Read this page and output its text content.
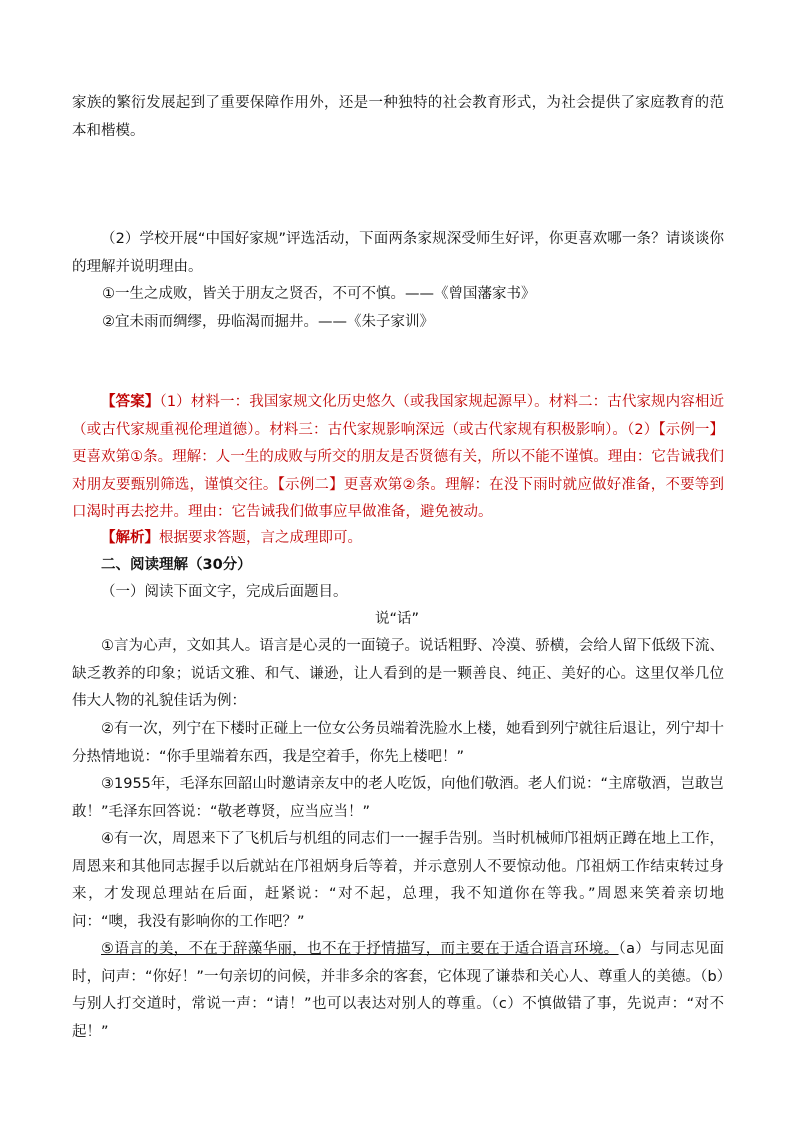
家族的繁衍发展起到了重要保障作用外，还是一种独特的社会教育形式，为社会提供了家庭教育的范本和楷模。

（2）学校开展“中国好家规”评选活动，下面两条家规深受师生好评，你更喜欢哪一条？请谈谈你的理解并说明理由。

①一生之成败，皆关于朋友之贤否，不可不慎。——《曾国藩家书》
②宜未雨而绸缪，毋临渴而掘井。——《朱子家训》

【答案】（1）材料一：我国家规文化历史悠久（或我国家规起源早）。材料二：古代家规内容相近（或古代家规重视伦理道德）。材料三：古代家规影响深远（或古代家规有积极影响）。（2）【示例一】更喜欢第①条。理解：人一生的成败与所交的朋友是否贤德有关，所以不能不谨慎。理由：它告诫我们对朋友要甄别筛选，谨慎交往。【示例二】更喜欢第②条。理解：在没下雨时就应做好准备，不要等到口渴时再去挖井。理由：它告诫我们做事应早做准备，避免被动。

【解析】根据要求答题，言之成理即可。

二、阅读理解（30分）
（一）阅读下面文字，完成后面题目。
说“话”

①言为心声，文如其人。语言是心灵的一面镜子。说话粗野、冷漠、骄横，会给人留下低级下流、缺乏教养的印象；说话文雅、和气、谦逊，让人看到的是一颗善良、纯正、美好的心。这里仅举几位伟大人物的礼貌佳话为例：

②有一次，列宁在下楼时正碰上一位女公务员端着洗脸水上楼，她看到列宁就往后退让，列宁却十分热情地说：“你手里端着东西，我是空着手，你先上楼吧！”

③1955年，毛泽东回韶山时邀请亲友中的老人吃饭，向他们敬酒。老人们说：“主席敬酒，岂敢岂敢！”毛泽东回答说：“敬老尊贤，应当应当！”

④有一次，周恩来下了飞机后与机组的同志们一一握手告别。当时机械师邝祖炳正蹲在地上工作，周恩来和其他同志握手以后就站在邝祖炳身后等着，并示意别人不要惊动他。邝祖炳工作结束转过身来，才发现总理站在后面，赶紧说：“对不起，总理，我不知道你在等我。”周恩来笑着亲切地问：“噢，我没有影响你的工作吧？”

⑤语言的美，不在于辞藻华丽，也不在于抒情描写，而主要在于适合语言环境。（a）与同志见面时，问声：“你好！”一句亲切的问候，并非多余的客套，它体现了谦恭和关心人、尊重人的美德。（b）与别人打交道时，常说一声：“请！”也可以表达对别人的尊重。（c）不慎做错了事，先说声：“对不起！”
